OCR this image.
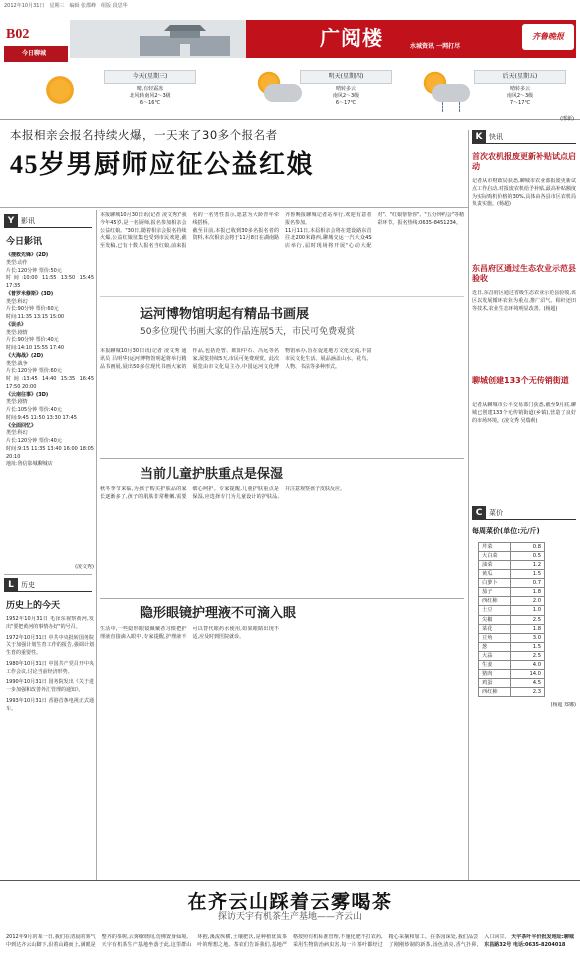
2012年10月31日　星期三　编辑 张郡峰　组版 段思华
B02
今日聊城
广阅楼	水城资讯 一网打尽
齐鲁晚报
今天(星期三)
晴,有轻霜冻
北风转南风2～3级
6～16℃
明天(星期四)
晴转多云
南风2～3级
6～17℃
后天(星期五)
晴转多云
南风2～3级
7～17℃
(邢新)
本报相亲会报名持续火爆，一天来了30多个报名者
45岁男厨师应征公益红娘
Y 影讯
今日影讯
《搜救先锋》(2D)
类型:动作
片长:120分钟 票价:50元
时间:10:00 11:55 13:50 15:45 17:35
《普罗米修斯》(3D)
类型:科幻
片长:90分钟 票价:60元
时间:11:35 13:15 15:00
《误杀》
类型:剧情
片长:90分钟 票价:40元
时间:14:10 15:55 17:40
《大海战》(2D)
类型:战争
片长:120分钟 票价:60元
时间:13:45 14:40 15:35 16:45 17:50 20:00
《云南往事》(3D)
类型:剧情
片长:105分钟 票价:40元
时间:9:45 11:50 13:30 17:45
《全面回忆》
类型:科幻
片长:120分钟 票价:40元
时间:9:15 11:35 13:40 16:00 18:05 20:10
地址:鲁信影城聊城店
(凌文秀)
L 历史
历史上的今天

1952年10月31日 毛泽东视察黄河,发出"要把黄河的事情办好"的号召。

1972年10月31日 中共中央批转国务院关于加强计划生育工作的报告,强调计划生育的重要性。

1980年10月31日 中国共产党召开中央工作会议,讨论当前经济形势。

1990年10月31日 国务院发出《关于进一步加强和改善外汇管理的通知》。

1993年10月31日 香港首条电视正式通车。

本报聊城10月30日讯(记者 凌文秀)"我今年45岁,是一名厨师,报名参加相亲会公益红娘。"30日,随着相亲会报名持续火爆,公益红娘征集也受到市民欢迎,截至发稿,已有十数人报名当红娘,前来报名的一名男性表示,愿意为大龄青年牵线搭桥。

截至目前,本报已收到30多名报名者的资料,本次相亲会将于11月8日在湖南路齐鲁晚报聊城记者站举行,欢迎有意者报名参加。

11月11日,本届相亲会将在建设路东首往北200米路西,聊城交运一汽大众4S店举行,届时现场将开展"心动大配对"、"红娘帮帮你"、"五分钟约会"等精彩环节。报名热线:0635-8451234。

运河博物馆明起有精品书画展
50多位现代书画大家的作品连展5天，市民可免费观赏
本报聊城10月30日讯(记者 凌文秀 通讯员 吕明华)运河博物馆明起将举行精品书画展,展出50多位现代书画大家的作品,包括范曾、欧阳中石、冯远等名家,展览持续5天,市民可免费观赏。此次展览由市文化局主办,中国运河文化博物馆承办,旨在促进地方文化交流,丰富市民文化生活。展品涵盖山水、花鸟、人物、书法等多种形式。
当前儿童护肤重点是保湿
秋冬季节来临,为孩子购买护肤品的家长逐渐多了,孩子的肌肤非常稚嫩,需要细心呵护。专家提醒,儿童护肤重点是保湿,应选择专门为儿童设计的护肤品,并注意观察孩子皮肤反应。
隐形眼镜护理液不可滴入眼
生活中,一些隐形眼镜佩戴者习惯把护理液直接滴入眼中,专家提醒,护理液不可以替代眼药水使用,如果眼睛出现不适,应及时到医院就诊。
K 快讯
首次农机报废更新补贴试点启动
记者从市财政局获悉,聊城市农业部报废更新试点工作启动,对报废农机给予补贴,最高补贴额度为实际购机价格的30%,具体由各县市区农机局负责实施。(杨超)
东昌府区通过生态农业示范县验收
近日,东昌府区通过省级生态农业示范县验收,该区以发展循环农业为重点,推广沼气、秸秆还田等技术,农业生态环境明显改善。(杨超)
聊城创建133个无传销街道
记者从聊城市公平交易部门获悉,截至9月底,聊城已创建133个无传销街道(乡镇),营造了良好的市场环境。(凌文秀 吴瑞莉)
C 菜价
每周菜价(单位:元/斤)
芹菜	0.8
大白菜	0.5
油菜	1.2
黄瓜	1.5
白萝卜	0.7
茄子	1.8
西红柿	2.0
土豆	1.0
尖椒	2.5
菜花	1.8
豆角	3.0
葱	1.5
大蒜	2.5
生姜	4.0
猪肉	14.0
鸡蛋	4.5
西红柿	2.3
(杨超 郑娜)
在齐云山踩着云雾喝茶
探访天宇有机茶生产基地——齐云山
2012年9月的某一日,我们在清晨的雾气中到达齐云山脚下,沿着山路而上,满眼是整齐的茶树,云雾缭绕间,仿佛置身仙境。天宇有机茶生产基地坐落于此,这里群山环抱,溪流纵横,土壤肥沃,是种植优质茶叶的理想之地。茶农们告诉我们,基地严格按照有机标准管理,不施化肥不打农药,采用生物防治病虫害,每一片茶叶都经过精心采摘和加工。在茶园深处,我们品尝了刚刚炒制的新茶,汤色清亮,香气扑鼻,入口回甘。 天宇茶叶平价批发地址:聊城东昌路32号 电话:0635-8204018
